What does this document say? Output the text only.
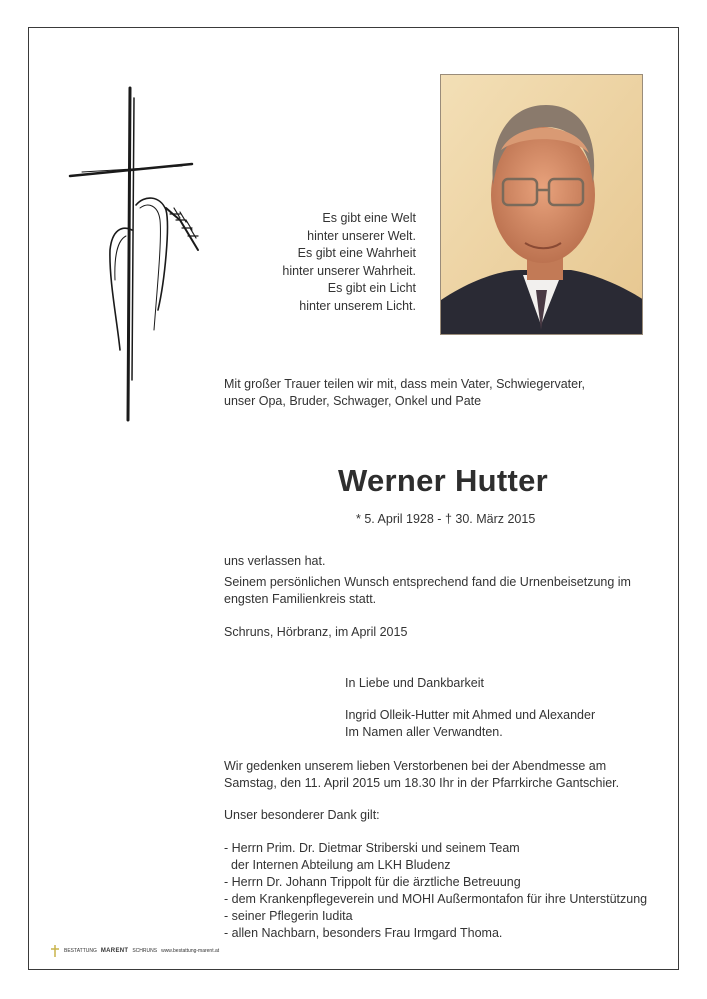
Es gibt eine Welt
hinter unserer Welt.
Es gibt eine Wahrheit
hinter unserer Wahrheit.
Es gibt ein Licht
hinter unserem Licht.
Mit großer Trauer teilen wir mit, dass mein Vater, Schwiegervater,
unser Opa, Bruder, Schwager, Onkel und Pate
Werner Hutter
* 5. April 1928 - † 30. März 2015
uns verlassen hat.
Seinem persönlichen Wunsch entsprechend fand die Urnenbeisetzung im
engsten Familienkreis statt.
Schruns, Hörbranz, im April 2015
In Liebe und Dankbarkeit
Ingrid Olleik-Hutter mit Ahmed und Alexander
Im Namen aller Verwandten.
Wir gedenken unserem lieben Verstorbenen bei der Abendmesse am
Samstag, den 11. April 2015 um 18.30 Ihr in der Pfarrkirche Gantschier.
Unser besonderer Dank gilt:
- Herrn Prim. Dr. Dietmar Striberski und seinem Team
der Internen Abteilung am LKH Bludenz
- Herrn Dr. Johann Trippolt für die ärztliche Betreuung
- dem Krankenpflegeverein und MOHI Außermontafon für ihre Unterstützung
- seiner Pflegerin Iudita
- allen Nachbarn, besonders Frau Irmgard Thoma.
BESTATTUNG MARENT SCHRUNS www.bestattung-marent.at
